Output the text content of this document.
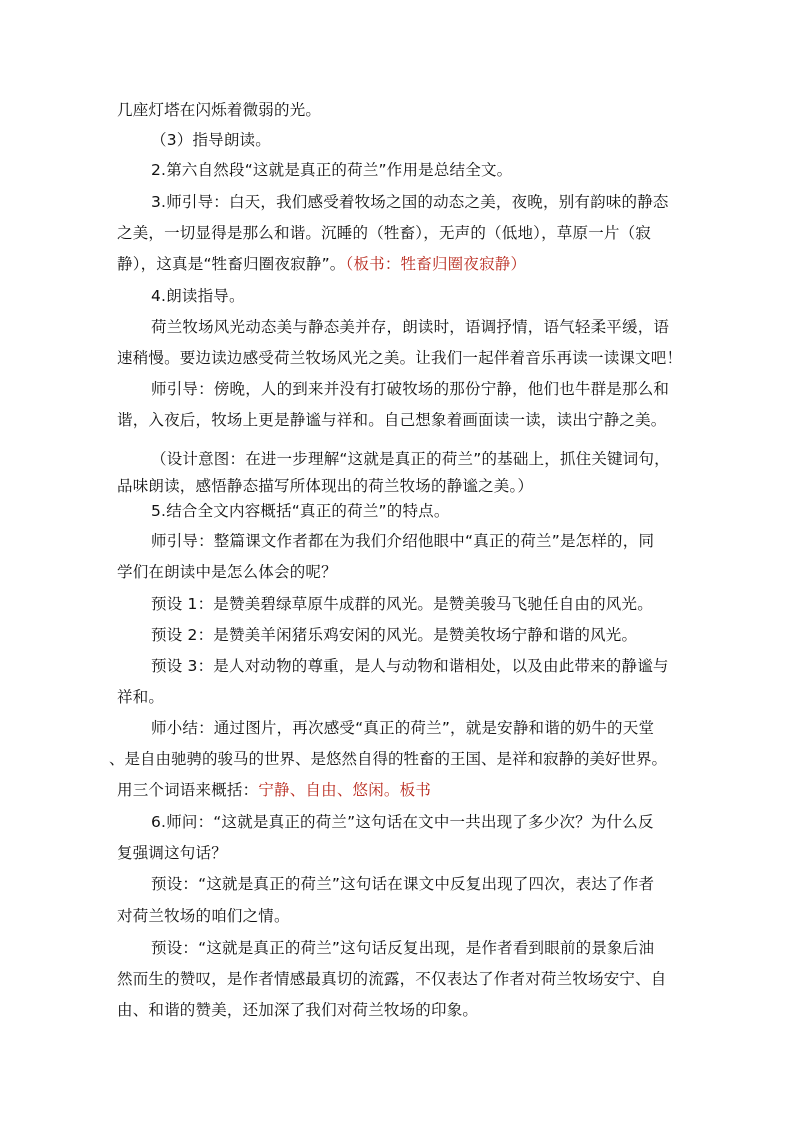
几座灯塔在闪烁着微弱的光。
（3）指导朗读。
2.第六自然段“这就是真正的荷兰”作用是总结全文。
3.师引导：白天，我们感受着牧场之国的动态之美，夜晚，别有韵味的静态
之美，一切显得是那么和谐。沉睡的（牲畜），无声的（低地），草原一片（寂
静），这真是“牲畜归圈夜寂静”。（板书：牲畜归圈夜寂静）
4.朗读指导。
荷兰牧场风光动态美与静态美并存，朗读时，语调抒情，语气轻柔平缓，语
速稍慢。要边读边感受荷兰牧场风光之美。让我们一起伴着音乐再读一读课文吧！
师引导：傍晚，人的到来并没有打破牧场的那份宁静，他们也牛群是那么和
谐，入夜后，牧场上更是静谧与祥和。自己想象着画面读一读，读出宁静之美。
（设计意图：在进一步理解“这就是真正的荷兰”的基础上，抓住关键词句，
品味朗读，感悟静态描写所体现出的荷兰牧场的静谧之美。）
5.结合全文内容概括“真正的荷兰”的特点。
师引导：整篇课文作者都在为我们介绍他眼中“真正的荷兰”是怎样的，同
学们在朗读中是怎么体会的呢？
预设 1：是赞美碧绿草原牛成群的风光。是赞美骏马飞驰任自由的风光。
预设 2：是赞美羊闲猪乐鸡安闲的风光。是赞美牧场宁静和谐的风光。
预设 3：是人对动物的尊重，是人与动物和谐相处，以及由此带来的静谧与
祥和。
师小结：通过图片，再次感受“真正的荷兰”，就是安静和谐的奶牛的天堂
、是自由驰骋的骏马的世界、是悠然自得的牲畜的王国、是祥和寂静的美好世界。
用三个词语来概括：宁静、自由、悠闲。板书
6.师问：“这就是真正的荷兰”这句话在文中一共出现了多少次？为什么反
复强调这句话？
预设：“这就是真正的荷兰”这句话在课文中反复出现了四次，表达了作者
对荷兰牧场的咱们之情。
预设：“这就是真正的荷兰”这句话反复出现，是作者看到眼前的景象后油
然而生的赞叹，是作者情感最真切的流露，不仅表达了作者对荷兰牧场安宁、自
由、和谐的赞美，还加深了我们对荷兰牧场的印象。
